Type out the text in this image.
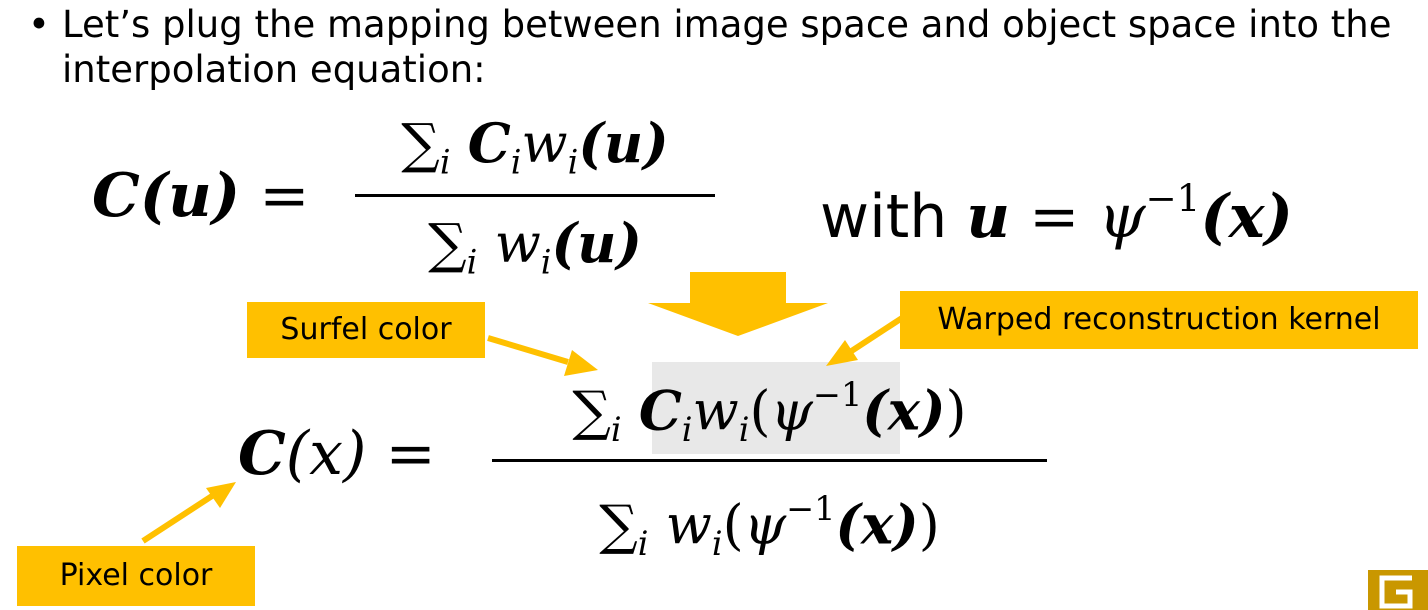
• Let’s plug the mapping between image space and object space into the interpolation equation:
C(u) =
$\sum_i$ $C_iw_i(u)$
$\sum_i$ $w_i(u)$	with $u = \psi^{-1}(x)$
C(x) =
$\sum_i$ $C_iw_i(\psi^{-1}(x))$
$\sum_i$ $w_i(\psi^{-1}(x))$
Surfel color	Warped reconstruction kernel
Pixel color
